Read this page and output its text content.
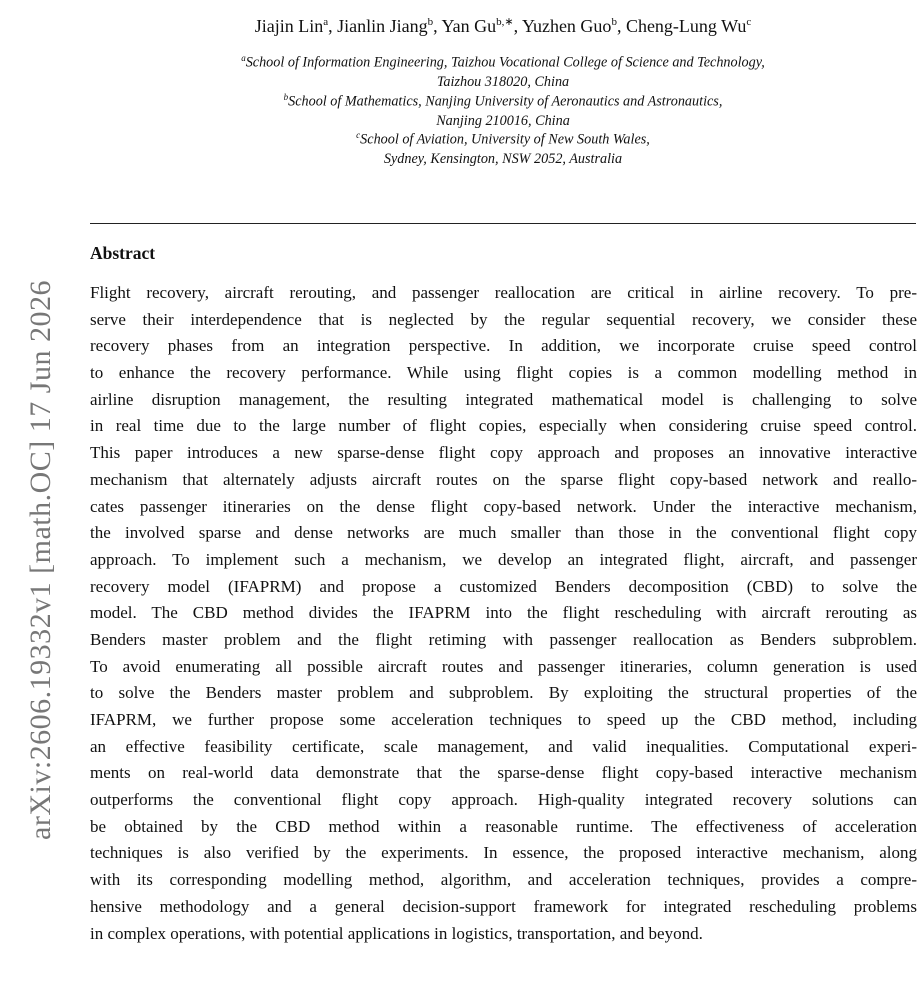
arXiv:2606.19332v1 [math.OC] 17 Jun 2026
Jiajin Lin$^a$, Jianlin Jiang$^b$, Yan $Gu^{b,∗}$, Yuzhen Guo$^b$, Cheng-Lung Wu$^c$
$^a$School of Information Engineering, Taizhou Vocational College of Science and Technology,
Taizhou 318020, China
$^b$School of Mathematics, Nanjing University of Aeronautics and Astronautics,
Nanjing 210016, China
$^c$School of Aviation, University of New South Wales,
Sydney, Kensington, NSW 2052, Australia
Abstract
Flight recovery, aircraft rerouting, and passenger reallocation are critical in airline recovery. To pre-
serve their interdependence that is neglected by the regular sequential recovery, we consider these
recovery phases from an integration perspective. In addition, we incorporate cruise speed control
to enhance the recovery performance. While using flight copies is a common modelling method in
airline disruption management, the resulting integrated mathematical model is challenging to solve
in real time due to the large number of flight copies, especially when considering cruise speed control.
This paper introduces a new sparse-dense flight copy approach and proposes an innovative interactive
mechanism that alternately adjusts aircraft routes on the sparse flight copy-based network and reallo-
cates passenger itineraries on the dense flight copy-based network. Under the interactive mechanism,
the involved sparse and dense networks are much smaller than those in the conventional flight copy
approach. To implement such a mechanism, we develop an integrated flight, aircraft, and passenger
recovery model (IFAPRM) and propose a customized Benders decomposition (CBD) to solve the
model. The CBD method divides the IFAPRM into the flight rescheduling with aircraft rerouting as
Benders master problem and the flight retiming with passenger reallocation as Benders subproblem.
To avoid enumerating all possible aircraft routes and passenger itineraries, column generation is used
to solve the Benders master problem and subproblem. By exploiting the structural properties of the
IFAPRM, we further propose some acceleration techniques to speed up the CBD method, including
an effective feasibility certificate, scale management, and valid inequalities. Computational experi-
ments on real-world data demonstrate that the sparse-dense flight copy-based interactive mechanism
outperforms the conventional flight copy approach. High-quality integrated recovery solutions can
be obtained by the CBD method within a reasonable runtime. The effectiveness of acceleration
techniques is also verified by the experiments. In essence, the proposed interactive mechanism, along
with its corresponding modelling method, algorithm, and acceleration techniques, provides a compre-
hensive methodology and a general decision-support framework for integrated rescheduling problems
in complex operations, with potential applications in logistics, transportation, and beyond.
